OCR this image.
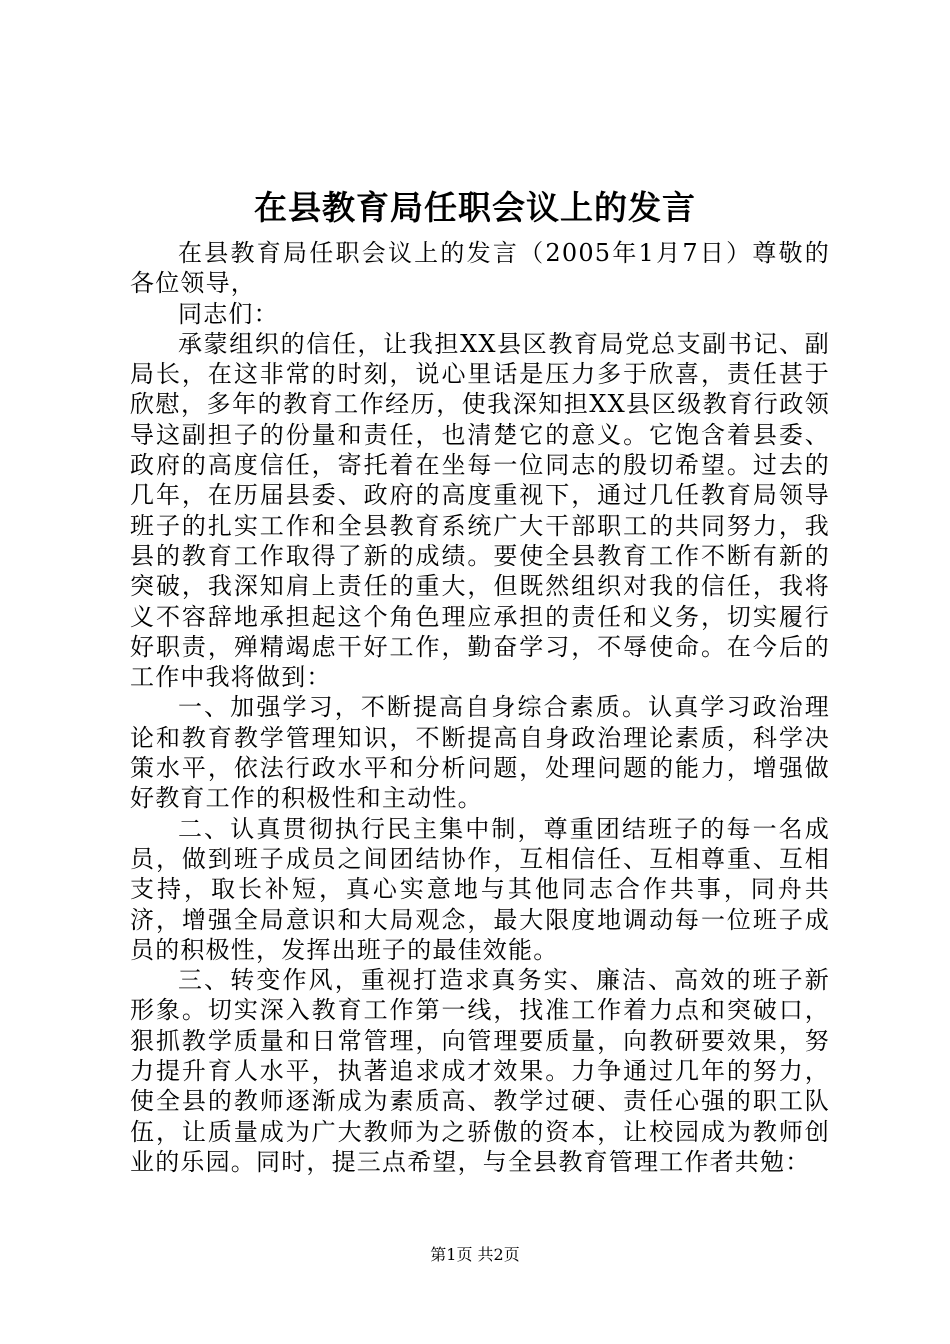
在县教育局任职会议上的发言

在县教育局任职会议上的发言（2005年1月7日）尊敬的各位领导，

同志们：

承蒙组织的信任，让我担XX县区教育局党总支副书记、副局长，在这非常的时刻，说心里话是压力多于欣喜，责任甚于欣慰，多年的教育工作经历，使我深知担XX县区级教育行政领导这副担子的份量和责任，也清楚它的意义。它饱含着县委、政府的高度信任，寄托着在坐每一位同志的殷切希望。过去的几年，在历届县委、政府的高度重视下，通过几任教育局领导班子的扎实工作和全县教育系统广大干部职工的共同努力，我县的教育工作取得了新的成绩。要使全县教育工作不断有新的突破，我深知肩上责任的重大，但既然组织对我的信任，我将义不容辞地承担起这个角色理应承担的责任和义务，切实履行好职责，殚精竭虑干好工作，勤奋学习，不辱使命。在今后的工作中我将做到：

一、加强学习，不断提高自身综合素质。认真学习政治理论和教育教学管理知识，不断提高自身政治理论素质，科学决策水平，依法行政水平和分析问题，处理问题的能力，增强做好教育工作的积极性和主动性。

二、认真贯彻执行民主集中制，尊重团结班子的每一名成员，做到班子成员之间团结协作，互相信任、互相尊重、互相支持，取长补短，真心实意地与其他同志合作共事，同舟共济，增强全局意识和大局观念，最大限度地调动每一位班子成员的积极性，发挥出班子的最佳效能。

三、转变作风，重视打造求真务实、廉洁、高效的班子新形象。切实深入教育工作第一线，找准工作着力点和突破口，狠抓教学质量和日常管理，向管理要质量，向教研要效果，努力提升育人水平，执著追求成才效果。力争通过几年的努力，使全县的教师逐渐成为素质高、教学过硬、责任心强的职工队伍，让质量成为广大教师为之骄傲的资本，让校园成为教师创业的乐园。同时，提三点希望，与全县教育管理工作者共勉：

第1页 共2页
